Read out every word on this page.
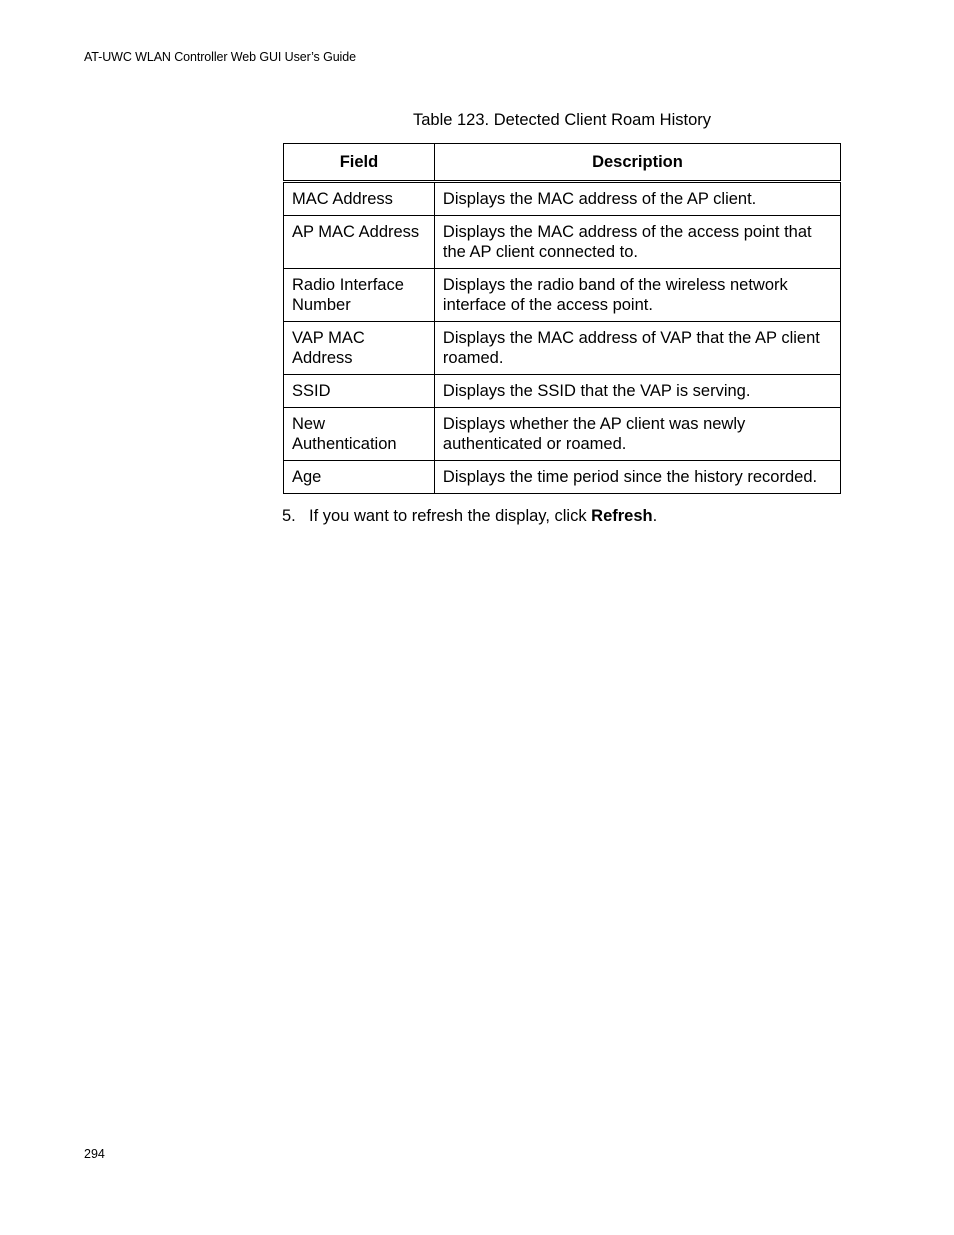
AT-UWC WLAN Controller Web GUI User’s Guide
Table 123. Detected Client Roam History
Field	Description
MAC Address	Displays the MAC address of the AP client.
AP MAC Address	Displays the MAC address of the access point that the AP client connected to.
Radio Interface Number	Displays the radio band of the wireless network interface of the access point.
VAP MAC Address	Displays the MAC address of VAP that the AP client roamed.
SSID	Displays the SSID that the VAP is serving.
New Authentication	Displays whether the AP client was newly authenticated or roamed.
Age	Displays the time period since the history recorded.
5. If you want to refresh the display, click Refresh.
294
